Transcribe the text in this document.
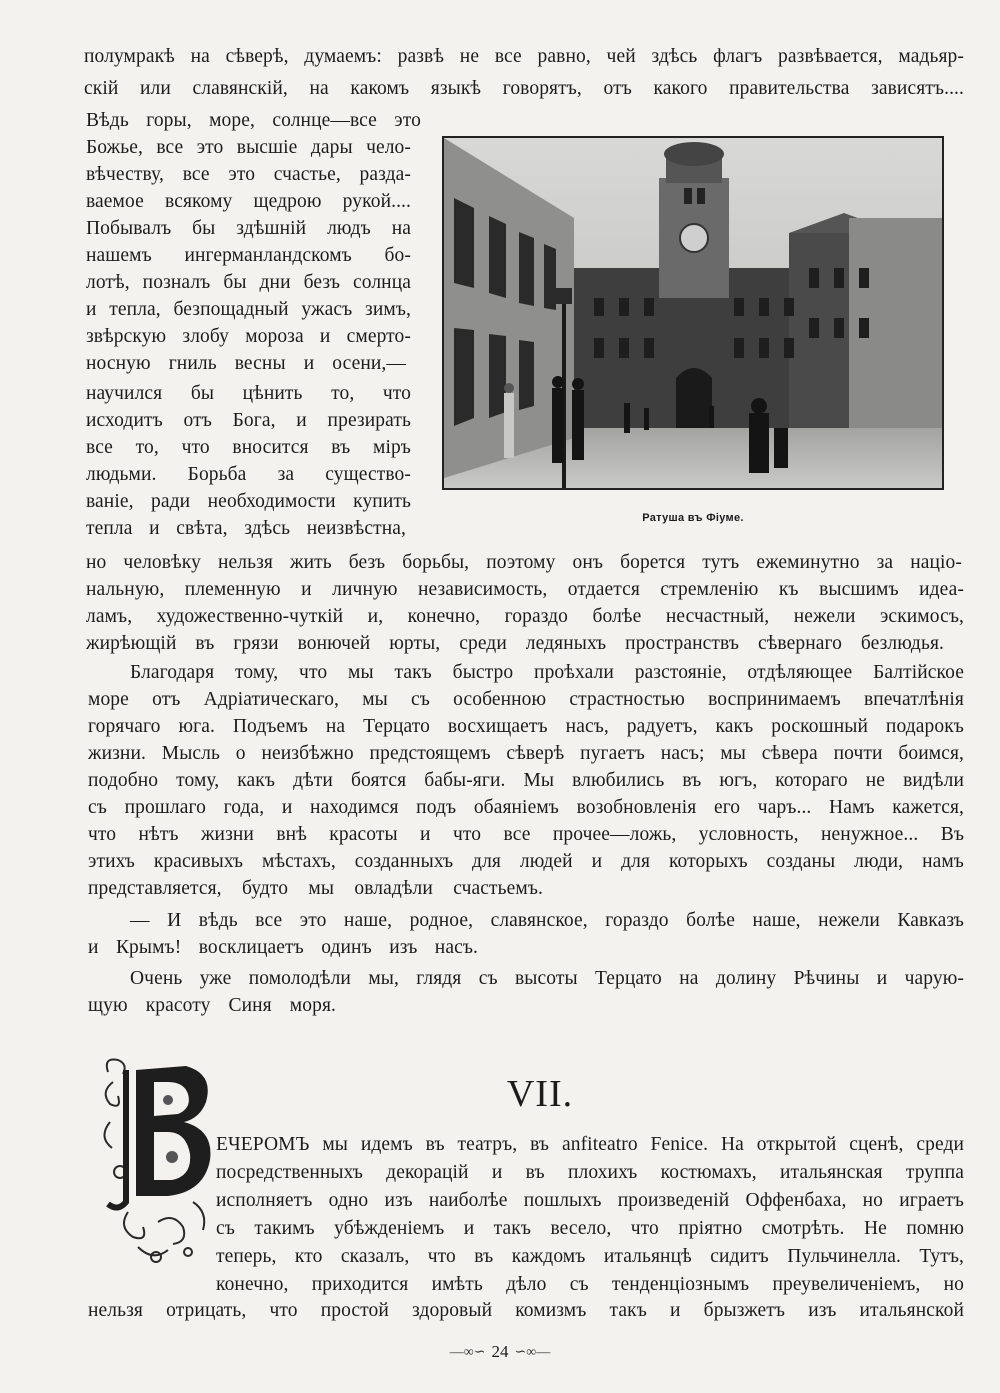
полумракѣ на сѣверѣ, думаемъ: развѣ не все равно, чей здѣсь флагъ развѣвается, мадьяр-
скій или славянскій, на какомъ языкѣ говорятъ, отъ какого правительства зависятъ....
Вѣдь горы, море, солнце—все это
Божье, все это высшіе дары чело-
вѣчеству, все это счастье, разда-
ваемое всякому щедрою рукой....
Побывалъ бы здѣшній людъ на
нашемъ ингерманландскомъ бо-
лотѣ, позналъ бы дни безъ солнца
и тепла, безпощадный ужасъ зимъ,
звѣрскую злобу мороза и смерто-
носную гниль весны и осени,—
научился бы цѣнить то, что
исходитъ отъ Бога, и презирать
все то, что вносится въ міръ
людьми. Борьба за существо-
ваніе, ради необходимости купить
тепла и свѣта, здѣсь неизвѣстна,	Ратуша въ Фіуме.
но человѣку нельзя жить безъ борьбы, поэтому онъ борется тутъ ежеминутно за націо-
нальную, племенную и личную независимость, отдается стремленію къ высшимъ идеа-
ламъ, художественно-чуткій и, конечно, гораздо болѣе несчастный, нежели эскимосъ,
жирѣющій въ грязи вонючей юрты, среди ледяныхъ пространствъ сѣвернаго безлюдья.
Благодаря тому, что мы такъ быстро проѣхали разстояніе, отдѣляющее Балтійское
море отъ Адріатическаго, мы съ особенною страстностью воспринимаемъ впечатлѣнія
горячаго юга. Подъемъ на Терцато восхищаетъ насъ, радуетъ, какъ роскошный подарокъ
жизни. Мысль о неизбѣжно предстоящемъ сѣверѣ пугаетъ насъ; мы сѣвера почти боимся,
подобно тому, какъ дѣти боятся бабы-яги. Мы влюбились въ югъ, котораго не видѣли
съ прошлаго года, и находимся подъ обаяніемъ возобновленія его чаръ... Намъ кажется,
что нѣтъ жизни внѣ красоты и что все прочее—ложь, условность, ненужное... Въ
этихъ красивыхъ мѣстахъ, созданныхъ для людей и для которыхъ созданы люди, намъ
представляется, будто мы овладѣли счастьемъ.
— И вѣдь все это наше, родное, славянское, гораздо болѣе наше, нежели Кавказъ
и Крымъ! восклицаетъ одинъ изъ насъ.
Очень уже помолодѣли мы, глядя съ высоты Терцато на долину Рѣчины и чарую-
щую красоту Синя моря.
VII.
ЕЧЕРОМЪ мы идемъ въ театръ, въ anfiteatro Fenice. На открытой сценѣ, среди
посредственныхъ декорацій и въ плохихъ костюмахъ, итальянская труппа
исполняетъ одно изъ наиболѣе пошлыхъ произведеній Оффенбаха, но играетъ
съ такимъ убѣжденіемъ и такъ весело, что пріятно смотрѣть. Не помню
теперь, кто сказалъ, что въ каждомъ итальянцѣ сидитъ Пульчинелла. Тутъ,
конечно, приходится имѣть дѣло съ тенденціознымъ преувеличеніемъ, но
нельзя отрицать, что простой здоровый комизмъ такъ и брызжетъ изъ итальянской
—∞∽ 24 ∽∞—
